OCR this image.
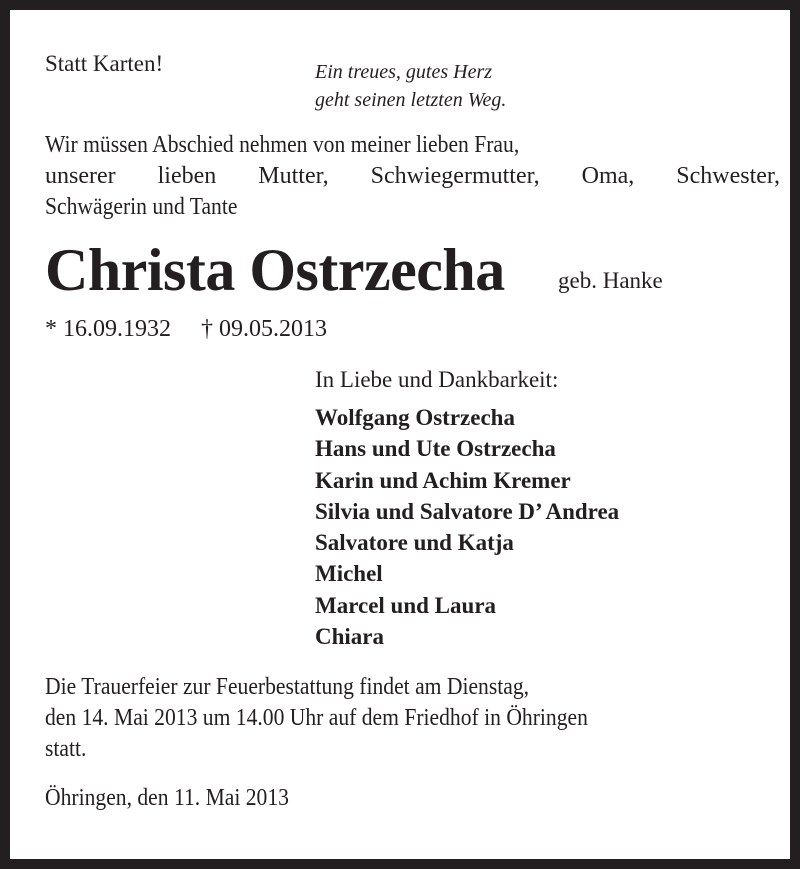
Statt Karten!	Ein treues, gutes Herz
geht seinen letzten Weg.
Wir müssen Abschied nehmen von meiner lieben Frau,
unserer lieben Mutter, Schwiegermutter, Oma, Schwester,
Schwägerin und Tante
Christa Ostrzecha geb. Hanke
* 16.09.1932 † 09.05.2013
In Liebe und Dankbarkeit:
Wolfgang Ostrzecha
Hans und Ute Ostrzecha
Karin und Achim Kremer
Silvia und Salvatore D’ Andrea
Salvatore und Katja
Michel
Marcel und Laura
Chiara
Die Trauerfeier zur Feuerbestattung findet am Dienstag,
den 14. Mai 2013 um 14.00 Uhr auf dem Friedhof in Öhringen
statt.
Öhringen, den 11. Mai 2013
